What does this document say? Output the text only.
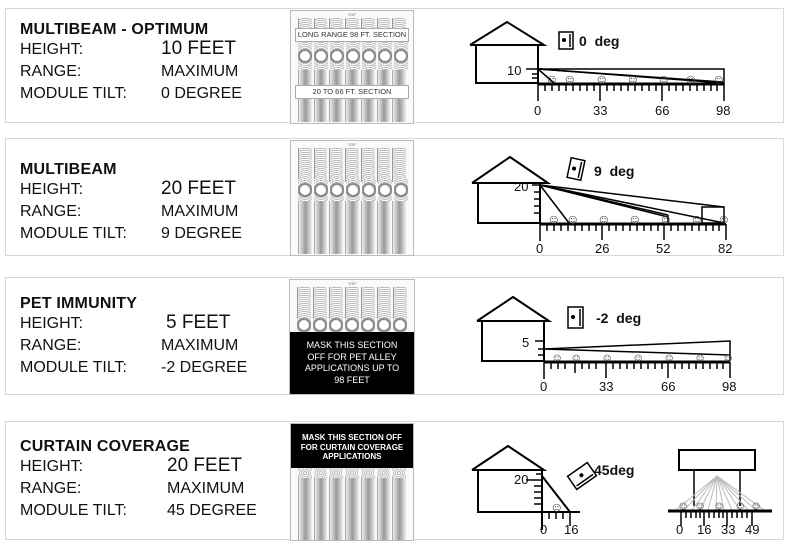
MULTIBEAM - OPTIMUM
HEIGHT:	10 FEET
RANGE:	MAXIMUM
MODULE TILT: 0 DEGREE
TOP
LONG RANGE 98 FT. SECTION
20 TO 66 FT. SECTION
☺ ☺	☺ ☺ ☺ ☺ ☺
0  deg
10
0	33	66	98
MULTIBEAM
HEIGHT:	20 FEET
RANGE:	MAXIMUM
MODULE TILT: 9 DEGREE
TOP
☺ ☺ ☺ ☺ ☺ ☺ ☺
9  deg
20
0	26	52	82
PET IMMUNITY
HEIGHT:	5 FEET
RANGE:	MAXIMUM
MODULE TILT: -2 DEGREE
TOP
MASK THIS SECTION
OFF FOR PET ALLEY
APPLICATIONS UP TO
98 FEET
☺ ☺	☺	☺	☺	☺ ☺
-2  deg
5
0	33	66	98
CURTAIN COVERAGE
HEIGHT:	20 FEET
RANGE:	MAXIMUM
MODULE TILT:	45 DEGREE
MASK THIS SECTION OFF
FOR CURTAIN COVERAGE
APPLICATIONS
☺
45deg
20
0 16
☺ ☺ ☺ ☺ ☺
0 16 33 49
